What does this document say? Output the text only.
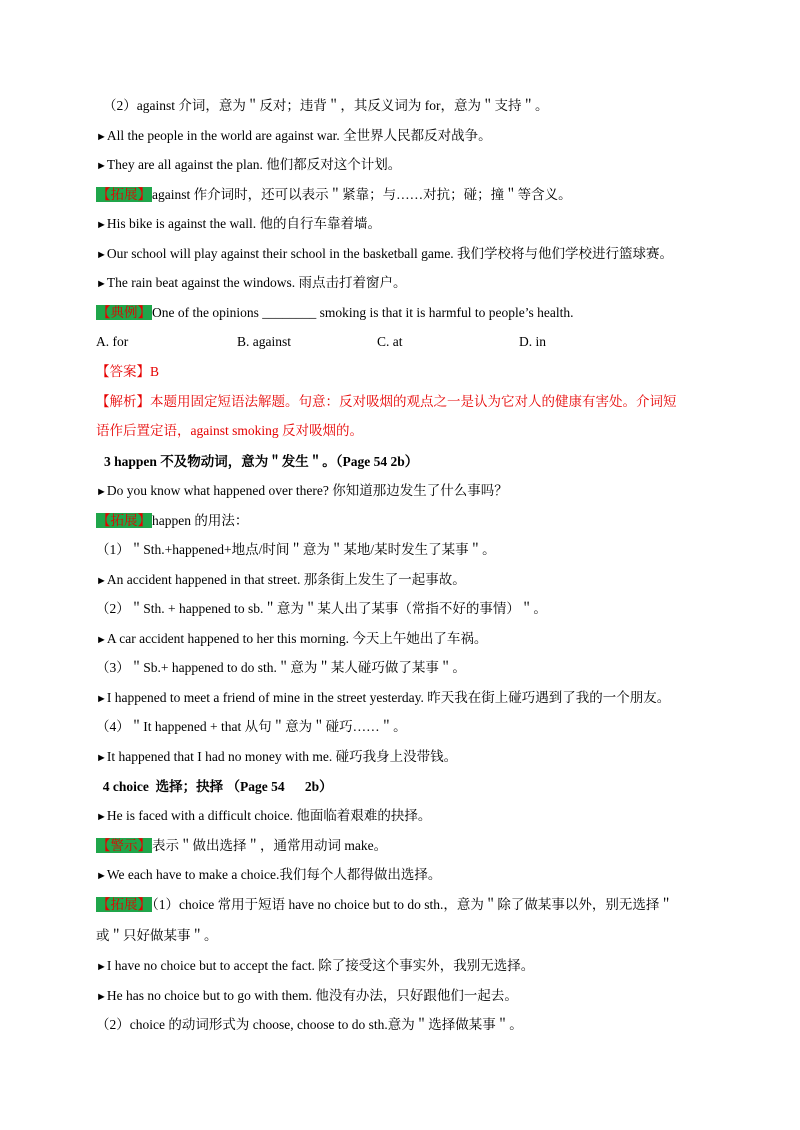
（2）against 介词，意为＂反对；违背＂，其反义词为 for，意为＂支持＂。
►All the people in the world are against war. 全世界人民都反对战争。
►They are all against the plan. 他们都反对这个计划。
【拓展】against 作介词时，还可以表示＂紧靠；与……对抗；碰；撞＂等含义。
►His bike is against the wall. 他的自行车靠着墙。
►Our school will play against their school in the basketball game. 我们学校将与他们学校进行篮球赛。
►The rain beat against the windows. 雨点击打着窗户。
【典例】One of the opinions ________ smoking is that it is harmful to people’s health.
A. for	B. against	C. at	D. in
【答案】B
【解析】本题用固定短语法解题。句意：反对吸烟的观点之一是认为它对人的健康有害处。介词短
语作后置定语，against smoking 反对吸烟的。
3 happen 不及物动词，意为＂发生＂。（Page 54 2b）
►Do you know what happened over there? 你知道那边发生了什么事吗？
【拓展】happen 的用法：
（1）＂Sth.+happened+地点/时间＂意为＂某地/某时发生了某事＂。
►An accident happened in that street. 那条街上发生了一起事故。
（2）＂Sth. + happened to sb.＂意为＂某人出了某事（常指不好的事情）＂。
►A car accident happened to her this morning. 今天上午她出了车祸。
（3）＂Sb.+ happened to do sth.＂意为＂某人碰巧做了某事＂。
►I happened to meet a friend of mine in the street yesterday. 昨天我在街上碰巧遇到了我的一个朋友。
（4）＂It happened + that 从句＂意为＂碰巧……＂。
►It happened that I had no money with me. 碰巧我身上没带钱。
4 choice  选择；抉择 （Page 54      2b）
►He is faced with a difficult choice. 他面临着艰难的抉择。
【警示】表示＂做出选择＂，通常用动词 make。
►We each have to make a choice.我们每个人都得做出选择。
【拓展】（1）choice 常用于短语 have no choice but to do sth.，意为＂除了做某事以外，别无选择＂
或＂只好做某事＂。
►I have no choice but to accept the fact. 除了接受这个事实外，我别无选择。
►He has no choice but to go with them. 他没有办法，只好跟他们一起去。
（2）choice 的动词形式为 choose, choose to do sth.意为＂选择做某事＂。
